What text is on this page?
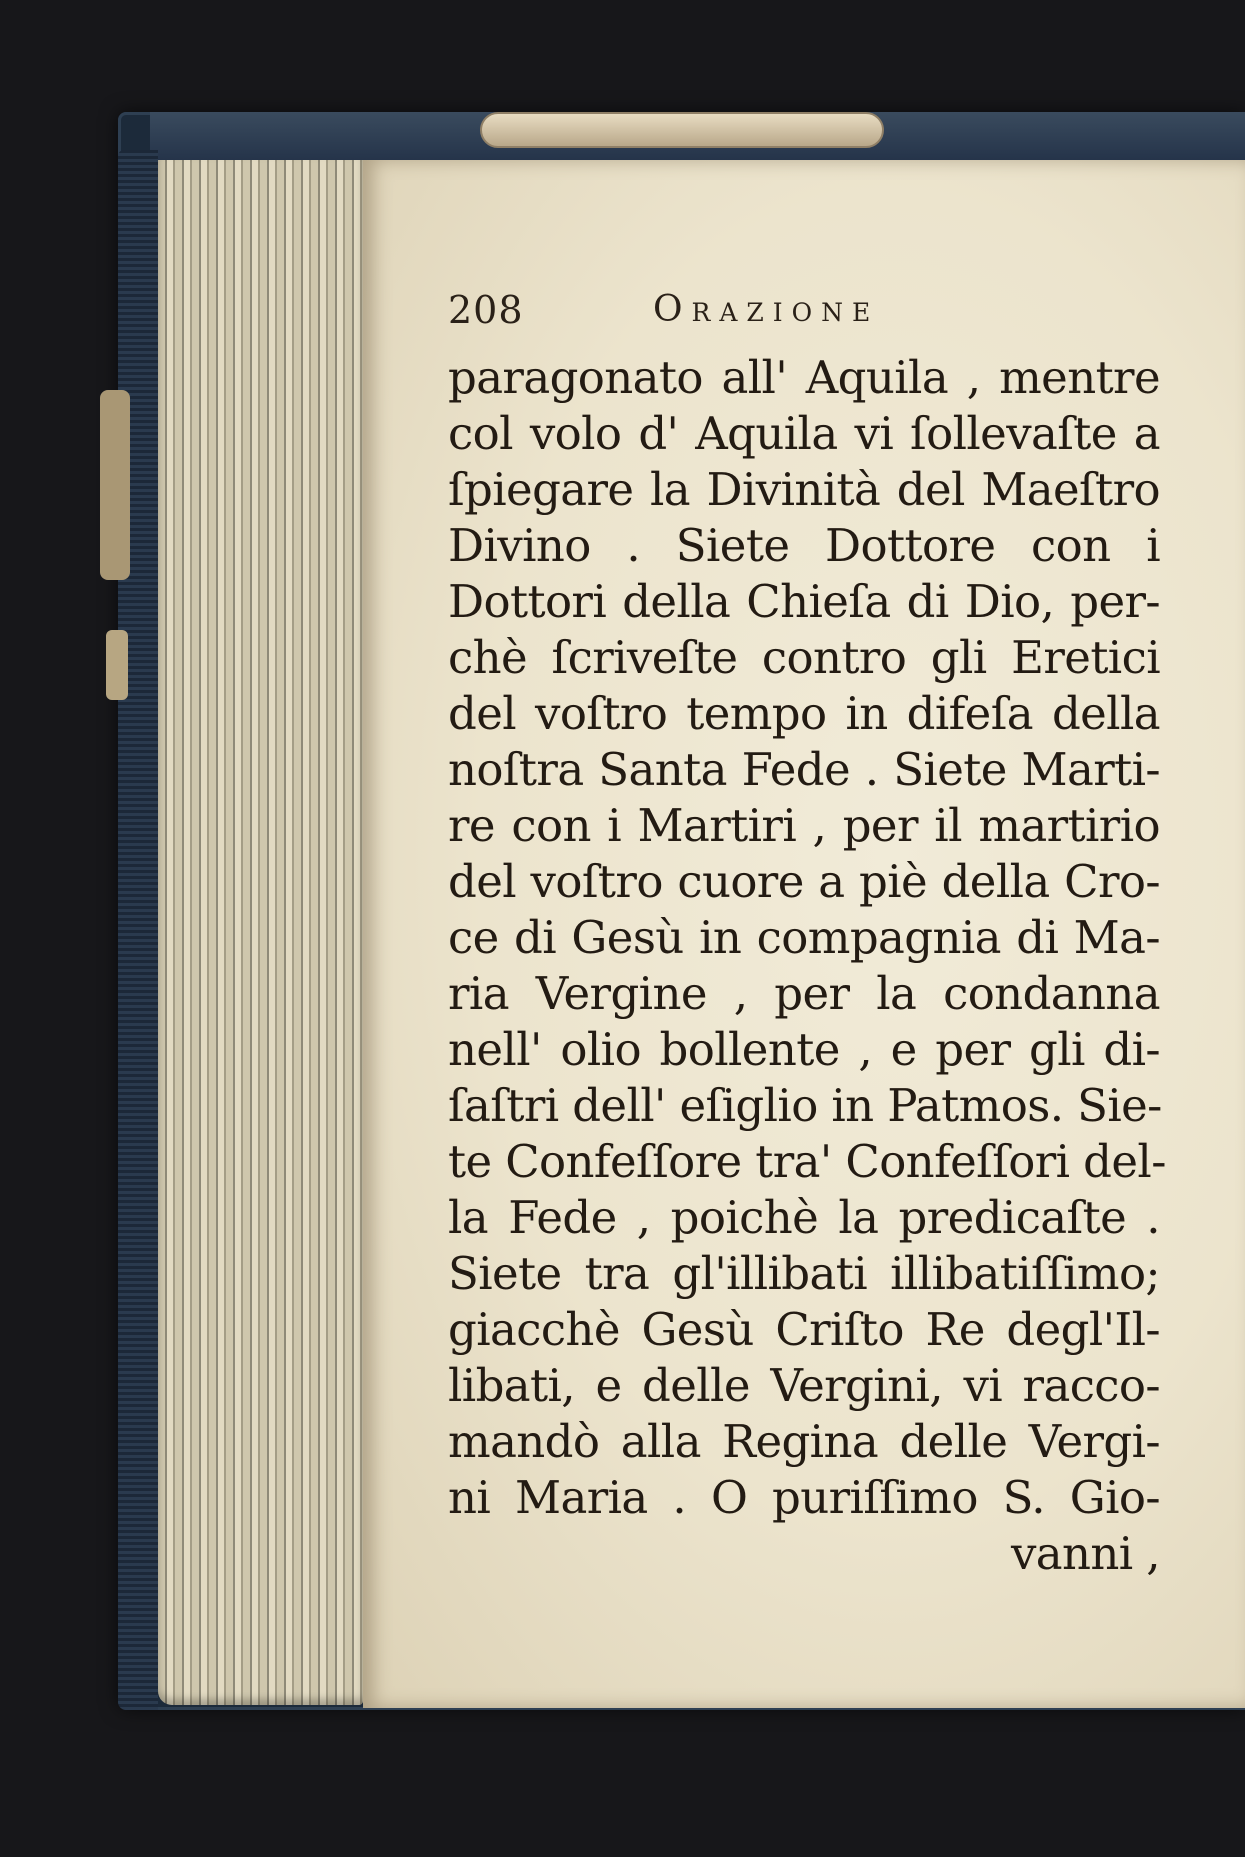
208	Orazione
paragonato all' Aquila , mentre
col volo d' Aquila vi ſollevaſte a
ſpiegare la Divinità del Maeſtro
Divino . Siete Dottore con i
Dottori della Chieſa di Dio, per-
chè ſcriveſte contro gli Eretici
del voſtro tempo in difeſa della
noſtra Santa Fede . Siete Marti-
re con i Martiri , per il martirio
del voſtro cuore a piè della Cro-
ce di Gesù in compagnia di Ma-
ria Vergine , per la condanna
nell' olio bollente , e per gli di-
ſaſtri dell' eſiglio in Patmos. Sie-
te Confeſſore tra' Confeſſori del-
la Fede , poichè la predicaſte .
Siete tra gl'illibati illibatiſſimo;
giacchè Gesù Criſto Re degl'Il-
libati, e delle Vergini, vi racco-
mandò alla Regina delle Vergi-
ni Maria . O puriſſimo S. Gio-
vanni ,
